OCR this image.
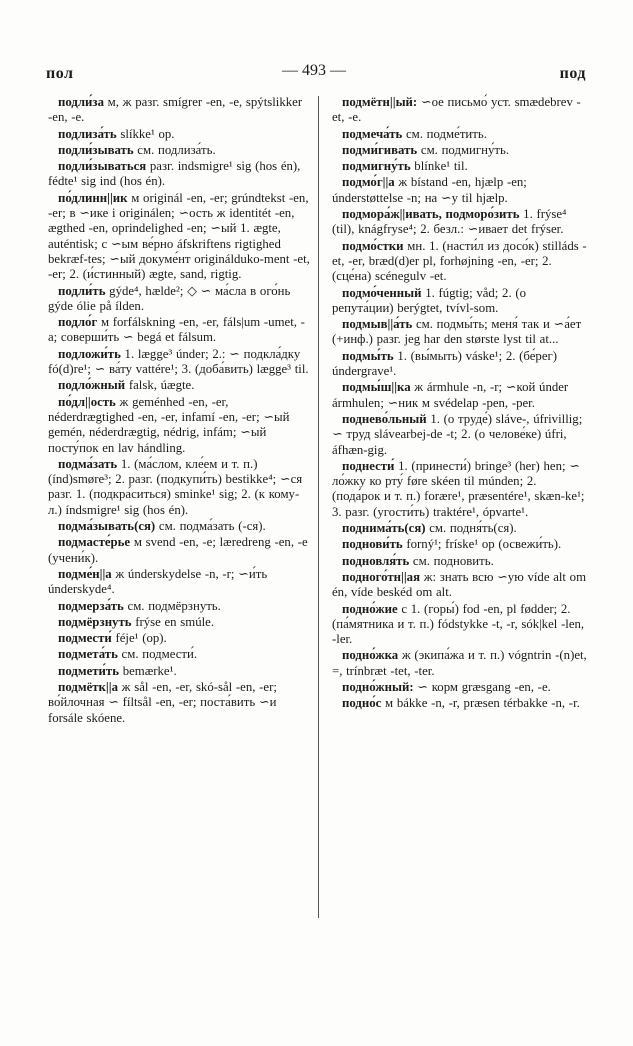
пол	— 493 —	под

подли́за м, ж разг. smígrer -en, -e, spýtslikker -en, -e.

подлиза́ть slíkke¹ op.

подли́зывать см. подлиза́ть.

подли́зываться разг. indsmigre¹ sig (hos én), fédte¹ sig ind (hos én).

по́длинн||ик м originál -en, -er; grúndtekst -en, -er; в ∽ике i originálen; ∽ость ж identitét -en, ægthed -en, oprindelighed -en; ∽ый 1. ægte, auténtisk; с ∽ым ве́рно áfskriftens rigtighed bekræf-tes; ∽ый докуме́нт originálduko-ment -et, -er; 2. (и́стинный) ægte, sand, rigtig.

подли́ть gýde⁴, hælde²; ◇ ∽ ма́сла в ого́нь gýde ólie på ílden.

подло́г м forfálskning -en, -er, fáls|um -umet, -a; соверши́ть ∽ begá et fálsum.

подложи́ть 1. lægge³ únder; 2.: ∽ подкла́дку fó(d)re¹; ∽ ва́ту vattére¹; 3. (доба́вить) lægge³ til.

подло́жный falsk, úægte.

по́дл||ость ж geménhed -en, -er, néderdrægtighed -en, -er, infamí -en, -er; ∽ый gemén, néderdrægtig, nédrig, infám; ∽ый посту́пок en lav hándling.

подма́зать 1. (ма́слом, кле́ем и т. п.) (índ)smøre³; 2. разг. (подкупи́ть) bestikke⁴; ∽ся разг. 1. (подкра́ситься) sminke¹ sig; 2. (к кому-л.) índsmigre¹ sig (hos én).

подма́зывать(ся) см. подма́зать (-ся).

подмасте́рье м svend -en, -e; læredreng -en, -e (учени́к).

подме́н||а ж únderskydelse -n, -r; ∽и́ть únderskyde⁴.

подмерза́ть см. подмёрзнуть.

подмёрзнуть frýse en smúle.

подмести́ féje¹ (op).

подмета́ть см. подмести́.

подмети́ть bemærke¹.

подмётк||а ж sål -en, -er, skó-sål -en, -er; во́йлочная ∽ fíltsål -en, -er; поста́вить ∽и forsále skóene.

подмётн||ый: ∽ое письмо́ уст. smædebrev -et, -e.

подмеча́ть см. подме́тить.

подми́гивать см. подмигну́ть.

подмигну́ть blínke¹ til.

подмо́г||а ж bístand -en, hjælp -en; únderstøttelse -n; на ∽у til hjælp.

подмора́ж||ивать, подморо́зить 1. frýse⁴ (til), knágfryse⁴; 2. безл.: ∽ивает det frýser.

подмо́стки мн. 1. (насти́л из досо́к) stilláds -et, -er, bræd(d)er pl, forhøjning -en, -er; 2. (сце́на) scénegulv -et.

подмо́ченный 1. fúgtig; våd; 2. (о репута́ции) berýgtet, tvívl-som.

подмыв||а́ть см. подмы́ть; меня́ так и ∽а́ет (+инф.) разг. jeg har den største lyst til at...

подмы́ть 1. (вы́мыть) váske¹; 2. (бе́рег) úndergrave¹.

подмы́ш||ка ж ármhule -n, -r; ∽кой únder ármhulen; ∽ник м svédelap -pen, -per.

поднево́льный 1. (о труде́) sláve-, úfrivillig; ∽ труд slávearbej-de -t; 2. (о челове́ке) úfri, áfhæn-gig.

поднести́ 1. (принести́) bringe³ (her) hen; ∽ ло́жку ко рту́ føre skéen til múnden; 2. (пода́рок и т. п.) forære¹, præsentére¹, skæn-ke¹; 3. разг. (угости́ть) traktére¹, ópvarte¹.

поднима́ть(ся) см. подня́ть(ся).

поднови́ть forný¹; fríske¹ op (освежи́ть).

подновля́ть см. подновить.

подного́тн||ая ж: знать всю ∽ую víde alt om én, víde beskéd om alt.

подно́жие с 1. (горы́) fod -en, pl fødder; 2. (па́мятника и т. п.) fódstykke -t, -r, sók|kel -len, -ler.

подно́жка ж (экипа́жа и т. п.) vógntrin -(n)et, =, trínbræt -tet, -ter.

подно́жный: ∽ корм græsgang -en, -e.

подно́с м bákke -n, -r, præsen térbakke -n, -r.
